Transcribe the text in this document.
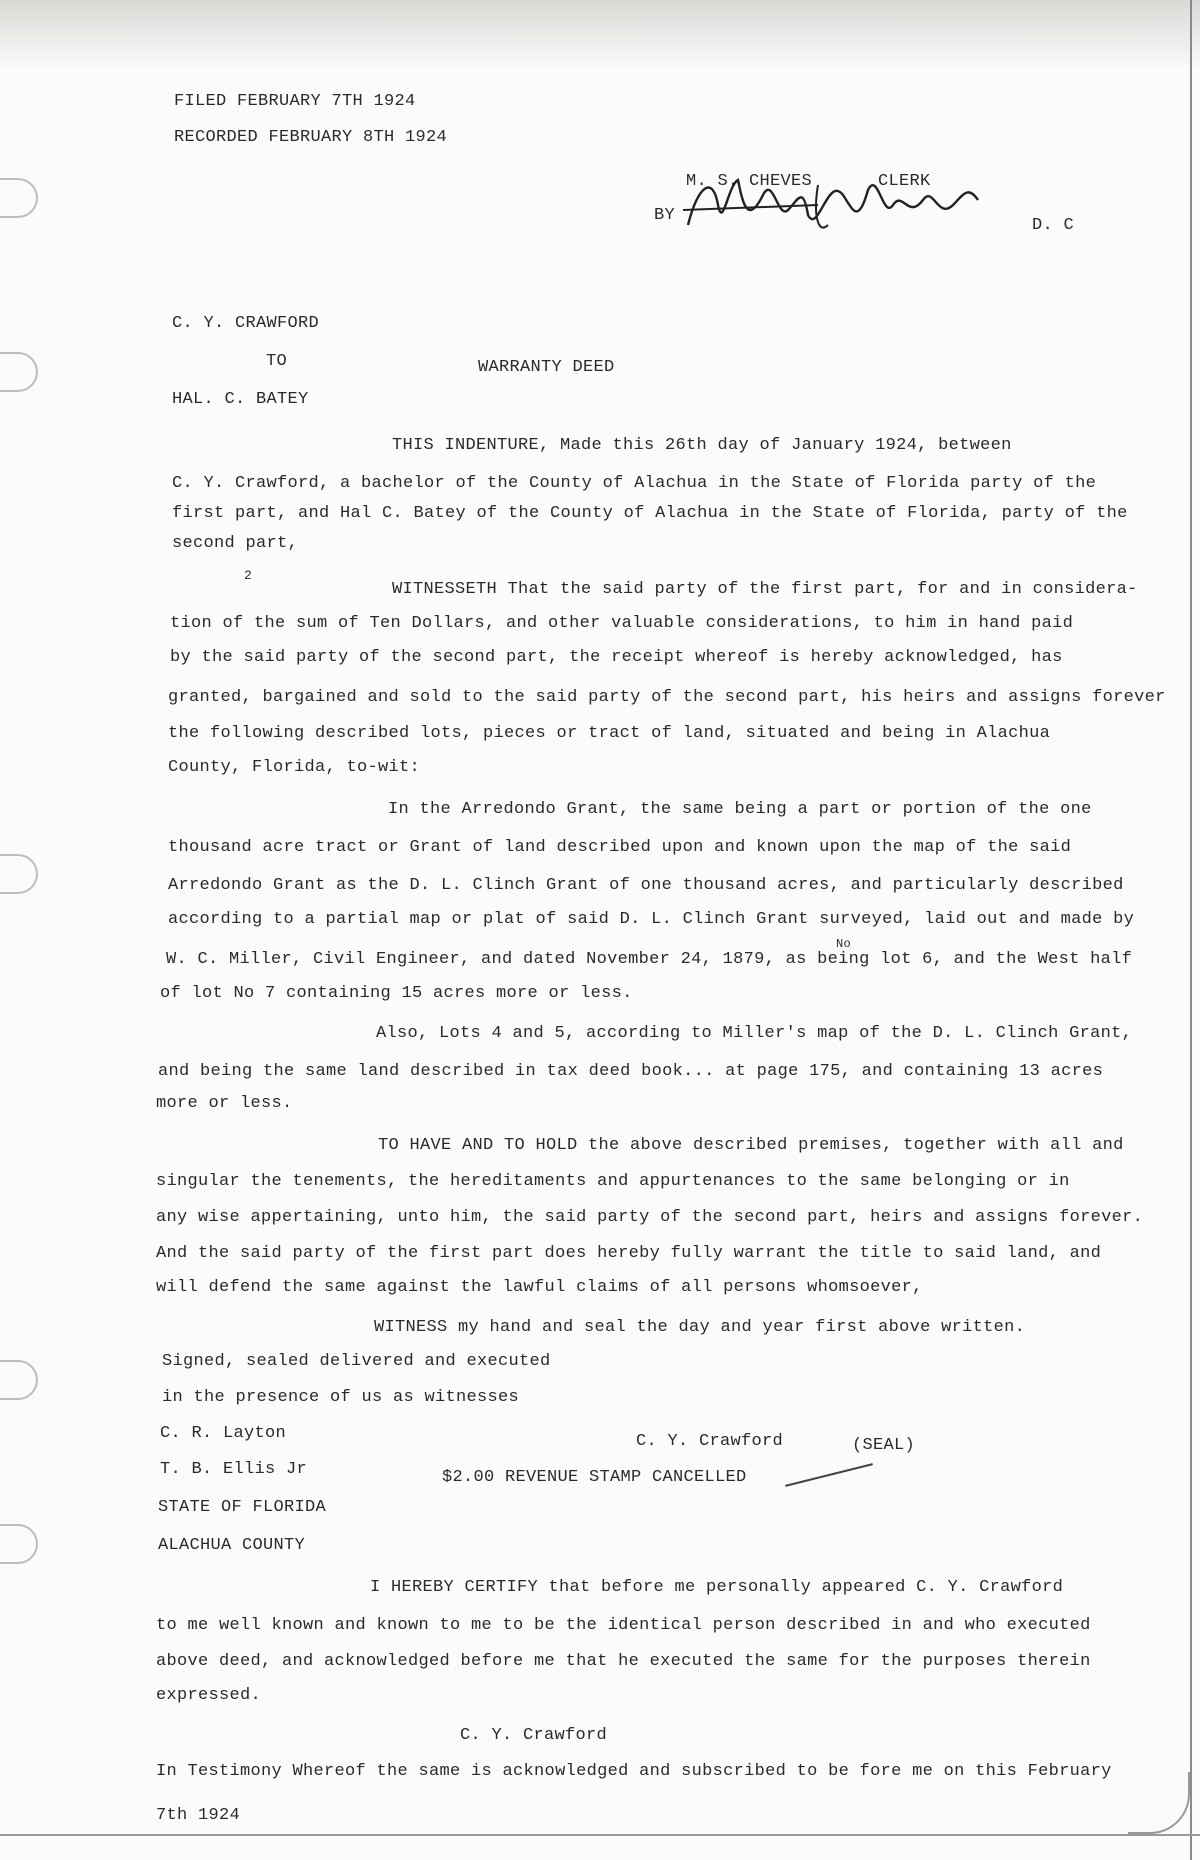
FILED FEBRUARY 7TH 1924
RECORDED FEBRUARY 8TH 1924
M. S. CHEVES	CLERK
BY
D. C
C. Y. CRAWFORD
TO	WARRANTY DEED
HAL. C. BATEY
THIS INDENTURE, Made this 26th day of January 1924, between
C. Y. Crawford, a bachelor of the County of Alachua in the State of Florida party of the
first part, and Hal C. Batey of the County of Alachua in the State of Florida, party of the
second part,
2
WITNESSETH That the said party of the first part, for and in considera-
tion of the sum of Ten Dollars, and other valuable considerations, to him in hand paid
by the said party of the second part, the receipt whereof is hereby acknowledged, has
granted, bargained and sold to the said party of the second part, his heirs and assigns forever
the following described lots, pieces or tract of land, situated and being in Alachua
County, Florida, to-wit:
In the Arredondo Grant, the same being a part or portion of the one
thousand acre tract or Grant of land described upon and known upon the map of the said
Arredondo Grant as the D. L. Clinch Grant of one thousand acres, and particularly described
according to a partial map or plat of said D. L. Clinch Grant surveyed, laid out and made by
No
W. C. Miller, Civil Engineer, and dated November 24, 1879, as being lot 6, and the West half
of lot No 7 containing 15 acres more or less.
Also, Lots 4 and 5, according to Miller's map of the D. L. Clinch Grant,
and being the same land described in tax deed book... at page 175, and containing 13 acres
more or less.
TO HAVE AND TO HOLD the above described premises, together with all and
singular the tenements, the hereditaments and appurtenances to the same belonging or in
any wise appertaining, unto him, the said party of the second part, heirs and assigns forever.
And the said party of the first part does hereby fully warrant the title to said land, and
will defend the same against the lawful claims of all persons whomsoever,
WITNESS my hand and seal the day and year first above written.
Signed, sealed delivered and executed
in the presence of us as witnesses
C. R. Layton	C. Y. Crawford	(SEAL)
T. B. Ellis Jr	$2.00 REVENUE STAMP CANCELLED
STATE OF FLORIDA
ALACHUA COUNTY
I HEREBY CERTIFY that before me personally appeared C. Y. Crawford
to me well known and known to me to be the identical person described in and who executed
above deed, and acknowledged before me that he executed the same for the purposes therein
expressed.
C. Y. Crawford
In Testimony Whereof the same is acknowledged and subscribed to be fore me on this February
7th 1924
